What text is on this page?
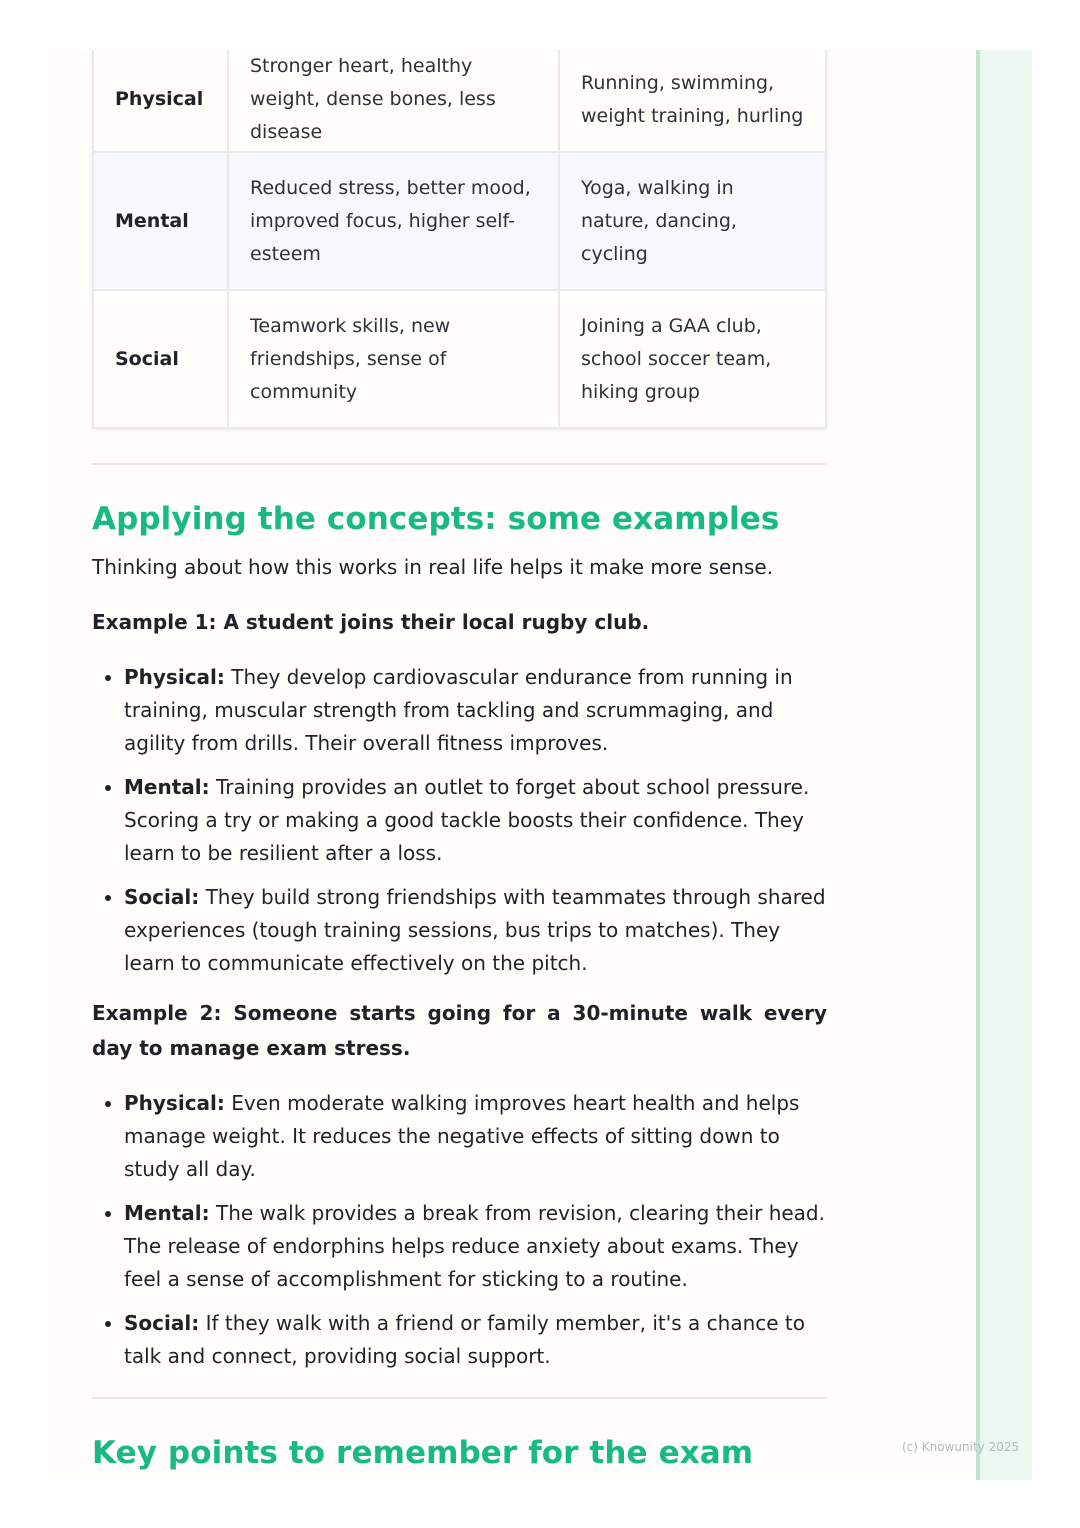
Physical	Stronger heart, healthy weight, dense bones, less disease	Running, swimming, weight training, hurling
Mental	Reduced stress, better mood, improved focus, higher self-esteem	Yoga, walking in nature, dancing, cycling
Social	Teamwork skills, new friendships, sense of community	Joining a GAA club, school soccer team, hiking group
Applying the concepts: some examples

Thinking about how this works in real life helps it make more sense.

Example 1: A student joins their local rugby club.

• Physical: They develop cardiovascular endurance from running in training, muscular strength from tackling and scrummaging, and agility from drills. Their overall fitness improves.
• Mental: Training provides an outlet to forget about school pressure. Scoring a try or making a good tackle boosts their confidence. They learn to be resilient after a loss.
• Social: They build strong friendships with teammates through shared experiences (tough training sessions, bus trips to matches). They learn to communicate effectively on the pitch.

Example 2: Someone starts going for a 30-minute walk every day to manage exam stress.

• Physical: Even moderate walking improves heart health and helps manage weight. It reduces the negative effects of sitting down to study all day.
• Mental: The walk provides a break from revision, clearing their head. The release of endorphins helps reduce anxiety about exams. They feel a sense of accomplishment for sticking to a routine.
• Social: If they walk with a friend or family member, it's a chance to talk and connect, providing social support.
Key points to remember for the exam	(c) Knowunity 2025
